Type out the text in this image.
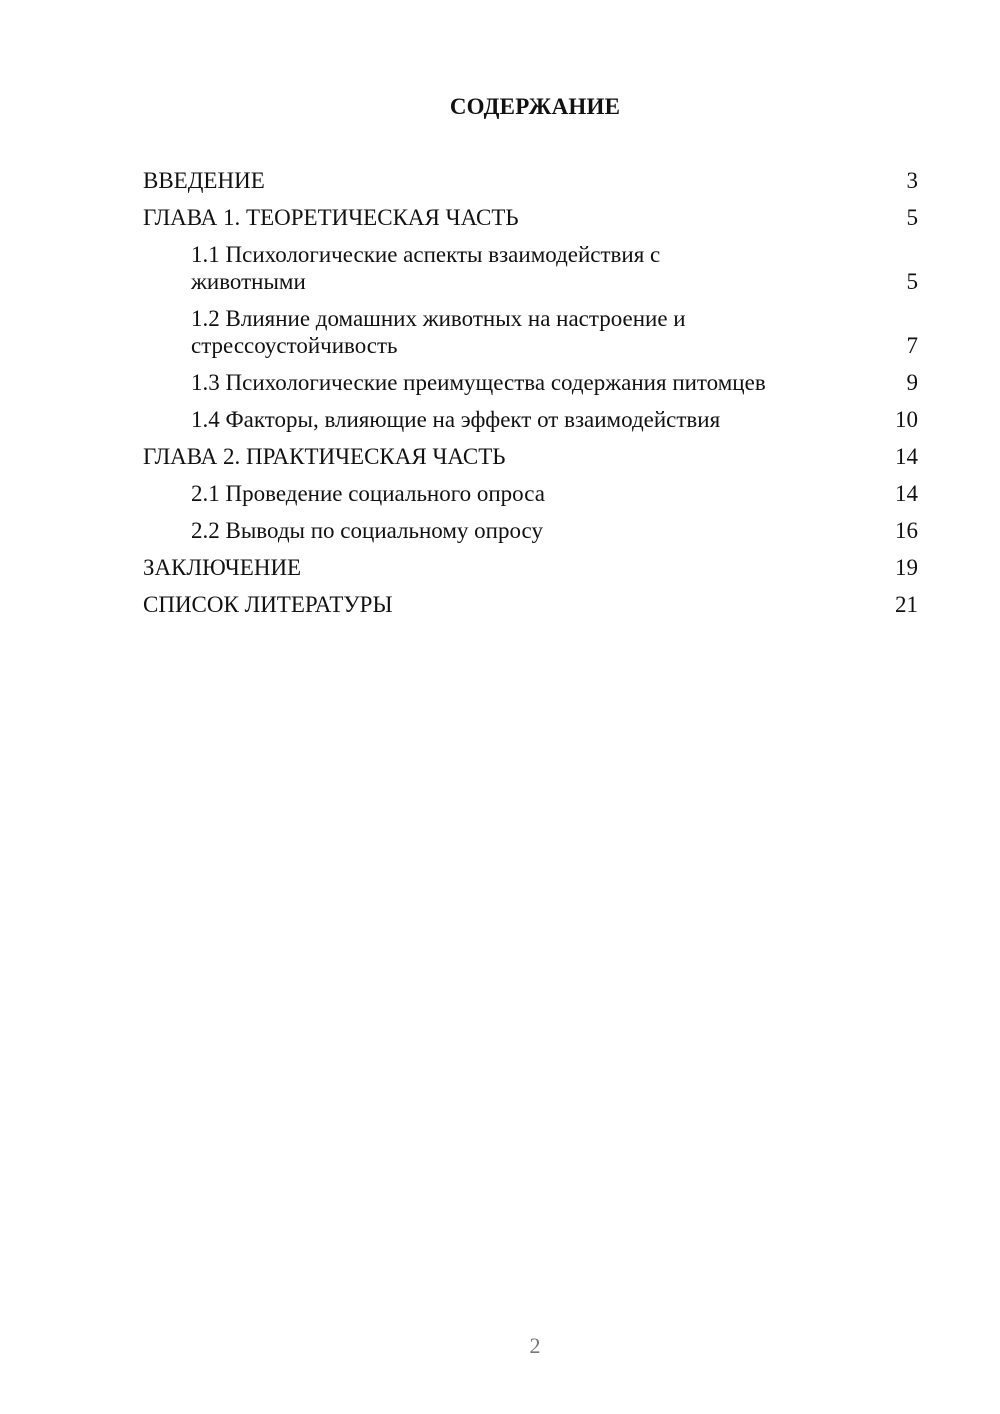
СОДЕРЖАНИЕ
ВВЕДЕНИЕ	3
ГЛАВА 1. ТЕОРЕТИЧЕСКАЯ ЧАСТЬ	5
1.1 Психологические аспекты взаимодействия с животными	5
1.2 Влияние домашних животных на настроение и стрессоустойчивость	7
1.3 Психологические преимущества содержания питомцев	9
1.4 Факторы, влияющие на эффект от взаимодействия	10
ГЛАВА 2. ПРАКТИЧЕСКАЯ ЧАСТЬ	14
2.1 Проведение социального опроса	14
2.2 Выводы по социальному опросу	16
ЗАКЛЮЧЕНИЕ	19
СПИСОК ЛИТЕРАТУРЫ	21
2
